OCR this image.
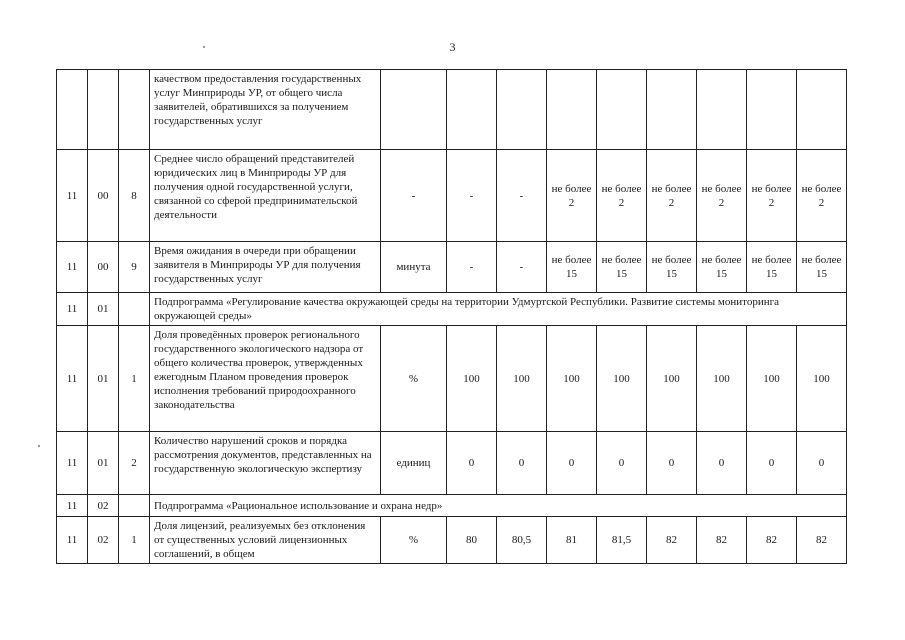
3
			качеством предоставления государственных услуг Минприроды УР, от общего числа заявителей, обратившихся за получением государственных услуг									
11	00	8	Среднее число обращений представителей юридических лиц в Минприроды УР для получения одной государственной услуги, связанной со сферой предпринимательской деятельности	-	-	-	не более 2	не более 2	не более 2	не более 2	не более 2	не более 2
11	00	9	Время ожидания в очереди при обращении заявителя в Минприроды УР для получения государственных услуг	минута	-	-	не более 15	не более 15	не более 15	не более 15	не более 15	не более 15
11	01		Подпрограмма «Регулирование качества окружающей среды на территории Удмуртской Республики. Развитие системы мониторинга окружающей среды»									
11	01	1	Доля проведённых проверок регионального государственного экологического надзора от общего количества проверок, утвержденных ежегодным Планом проведения проверок исполнения требований природоохранного законодательства	%	100	100	100	100	100	100	100	100
11	01	2	Количество нарушений сроков и порядка рассмотрения документов, представленных на государственную экологическую экспертизу	единиц	0	0	0	0	0	0	0	0
11	02		Подпрограмма «Рациональное использование и охрана недр»									
11	02	1	Доля лицензий, реализуемых без отклонения от существенных условий лицензионных соглашений, в общем	%	80	80,5	81	81,5	82	82	82	82
